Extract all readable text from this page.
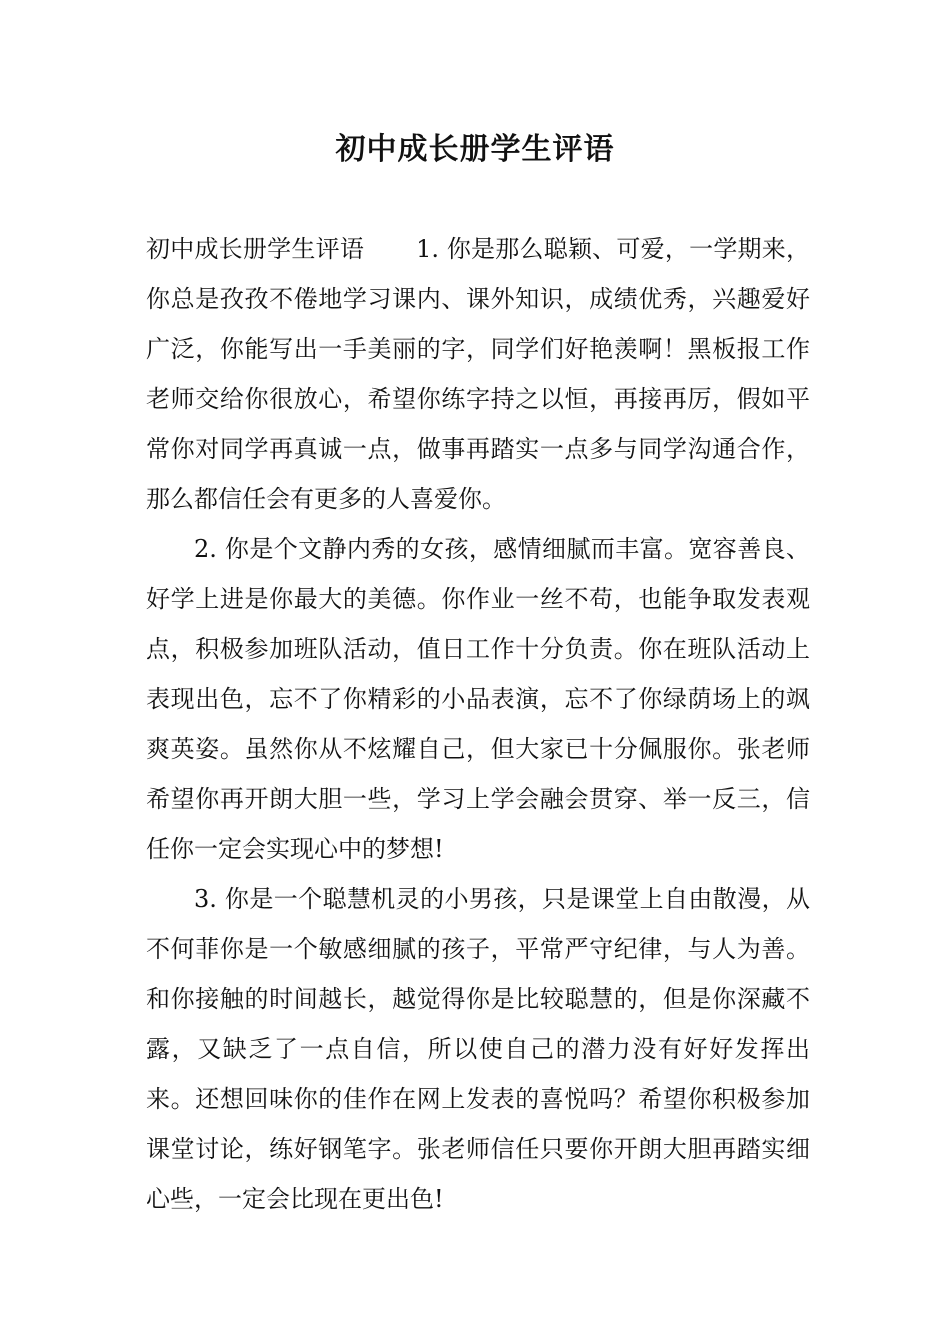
初中成长册学生评语

初中成长册学生评语 1. 你是那么聪颖、可爱，一学期来，你总是孜孜不倦地学习课内、课外知识，成绩优秀，兴趣爱好广泛，你能写出一手美丽的字，同学们好艳羡啊！黑板报工作老师交给你很放心，希望你练字持之以恒，再接再厉，假如平常你对同学再真诚一点，做事再踏实一点多与同学沟通合作，那么都信任会有更多的人喜爱你。

2. 你是个文静内秀的女孩，感情细腻而丰富。宽容善良、好学上进是你最大的美德。你作业一丝不苟，也能争取发表观点，积极参加班队活动，值日工作十分负责。你在班队活动上表现出色，忘不了你精彩的小品表演，忘不了你绿荫场上的飒爽英姿。虽然你从不炫耀自己，但大家已十分佩服你。张老师希望你再开朗大胆一些，学习上学会融会贯穿、举一反三，信任你一定会实现心中的梦想!

3. 你是一个聪慧机灵的小男孩，只是课堂上自由散漫，从不何菲你是一个敏感细腻的孩子，平常严守纪律，与人为善。和你接触的时间越长，越觉得你是比较聪慧的，但是你深藏不露，又缺乏了一点自信，所以使自己的潜力没有好好发挥出来。还想回味你的佳作在网上发表的喜悦吗？希望你积极参加课堂讨论，练好钢笔字。张老师信任只要你开朗大胆再踏实细心些，一定会比现在更出色!
